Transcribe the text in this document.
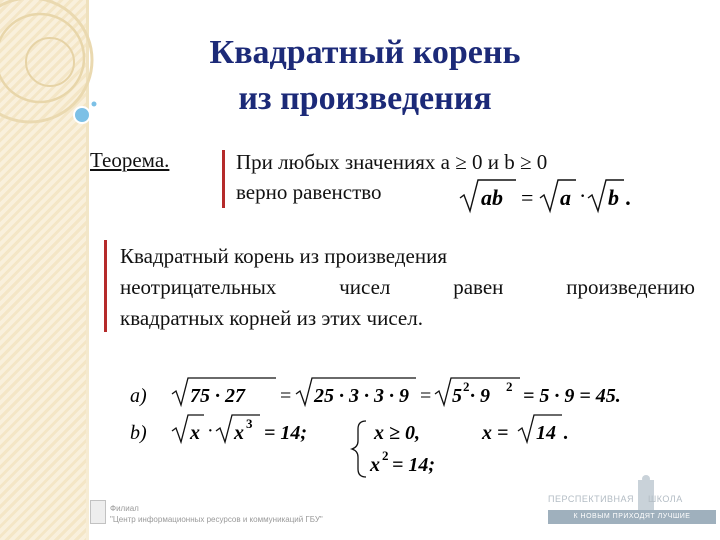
Квадратный корень
из произведения
Теорема.	При любых значениях a ≥ 0 и b ≥ 0
верно равенство	ab = a · b .
Квадратный корень из произведения
неотрицательных чисел равен произведению
квадратных корней из этих чисел.
a) 75 · 27 = 25 · 3 · 3 · 9 = 5 2 · 9 2 = 5 · 9 = 45.
b) x · x 3 = 14;	x ≥ 0,
x 2 = 14;
x = 14 .
Филиал
"Центр информационных ресурсов и коммуникаций ГБУ"
ПЕРСПЕКТИВНАЯ ШКОЛА
К НОВЫМ ПРИХОДЯТ ЛУЧШИЕ
